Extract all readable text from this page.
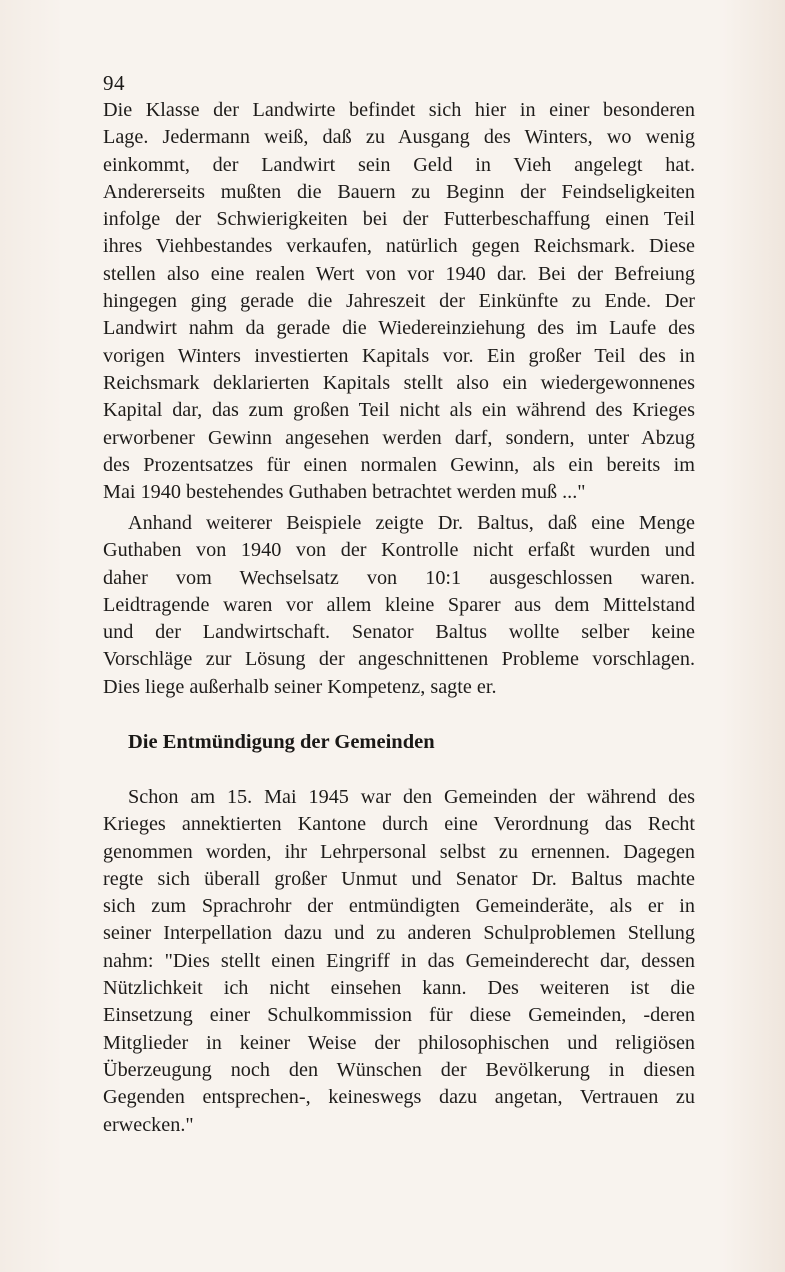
94
Die Klasse der Landwirte befindet sich hier in einer besonderen
Lage. Jedermann weiß, daß zu Ausgang des Winters, wo wenig
einkommt, der Landwirt sein Geld in Vieh angelegt hat.
Andererseits mußten die Bauern zu Beginn der Feindseligkeiten
infolge der Schwierigkeiten bei der Futterbeschaffung einen Teil
ihres Viehbestandes verkaufen, natürlich gegen Reichsmark. Diese
stellen also eine realen Wert von vor 1940 dar. Bei der Befreiung
hingegen ging gerade die Jahreszeit der Einkünfte zu Ende. Der
Landwirt nahm da gerade die Wiedereinziehung des im Laufe des
vorigen Winters investierten Kapitals vor. Ein großer Teil des in
Reichsmark deklarierten Kapitals stellt also ein wiedergewonnenes
Kapital dar, das zum großen Teil nicht als ein während des Krieges
erworbener Gewinn angesehen werden darf, sondern, unter Abzug
des Prozentsatzes für einen normalen Gewinn, als ein bereits im
Mai 1940 bestehendes Guthaben betrachtet werden muß ..."
Anhand weiterer Beispiele zeigte Dr. Baltus, daß eine Menge
Guthaben von 1940 von der Kontrolle nicht erfaßt wurden und
daher vom Wechselsatz von 10:1 ausgeschlossen waren.
Leidtragende waren vor allem kleine Sparer aus dem Mittelstand
und der Landwirtschaft. Senator Baltus wollte selber keine
Vorschläge zur Lösung der angeschnittenen Probleme vorschlagen.
Dies liege außerhalb seiner Kompetenz, sagte er.
Die Entmündigung der Gemeinden
Schon am 15. Mai 1945 war den Gemeinden der während des
Krieges annektierten Kantone durch eine Verordnung das Recht
genommen worden, ihr Lehrpersonal selbst zu ernennen. Dagegen
regte sich überall großer Unmut und Senator Dr. Baltus machte
sich zum Sprachrohr der entmündigten Gemeinderäte, als er in
seiner Interpellation dazu und zu anderen Schulproblemen Stellung
nahm: "Dies stellt einen Eingriff in das Gemeinderecht dar, dessen
Nützlichkeit ich nicht einsehen kann. Des weiteren ist die
Einsetzung einer Schulkommission für diese Gemeinden, -deren
Mitglieder in keiner Weise der philosophischen und religiösen
Überzeugung noch den Wünschen der Bevölkerung in diesen
Gegenden entsprechen-, keineswegs dazu angetan, Vertrauen zu
erwecken."
